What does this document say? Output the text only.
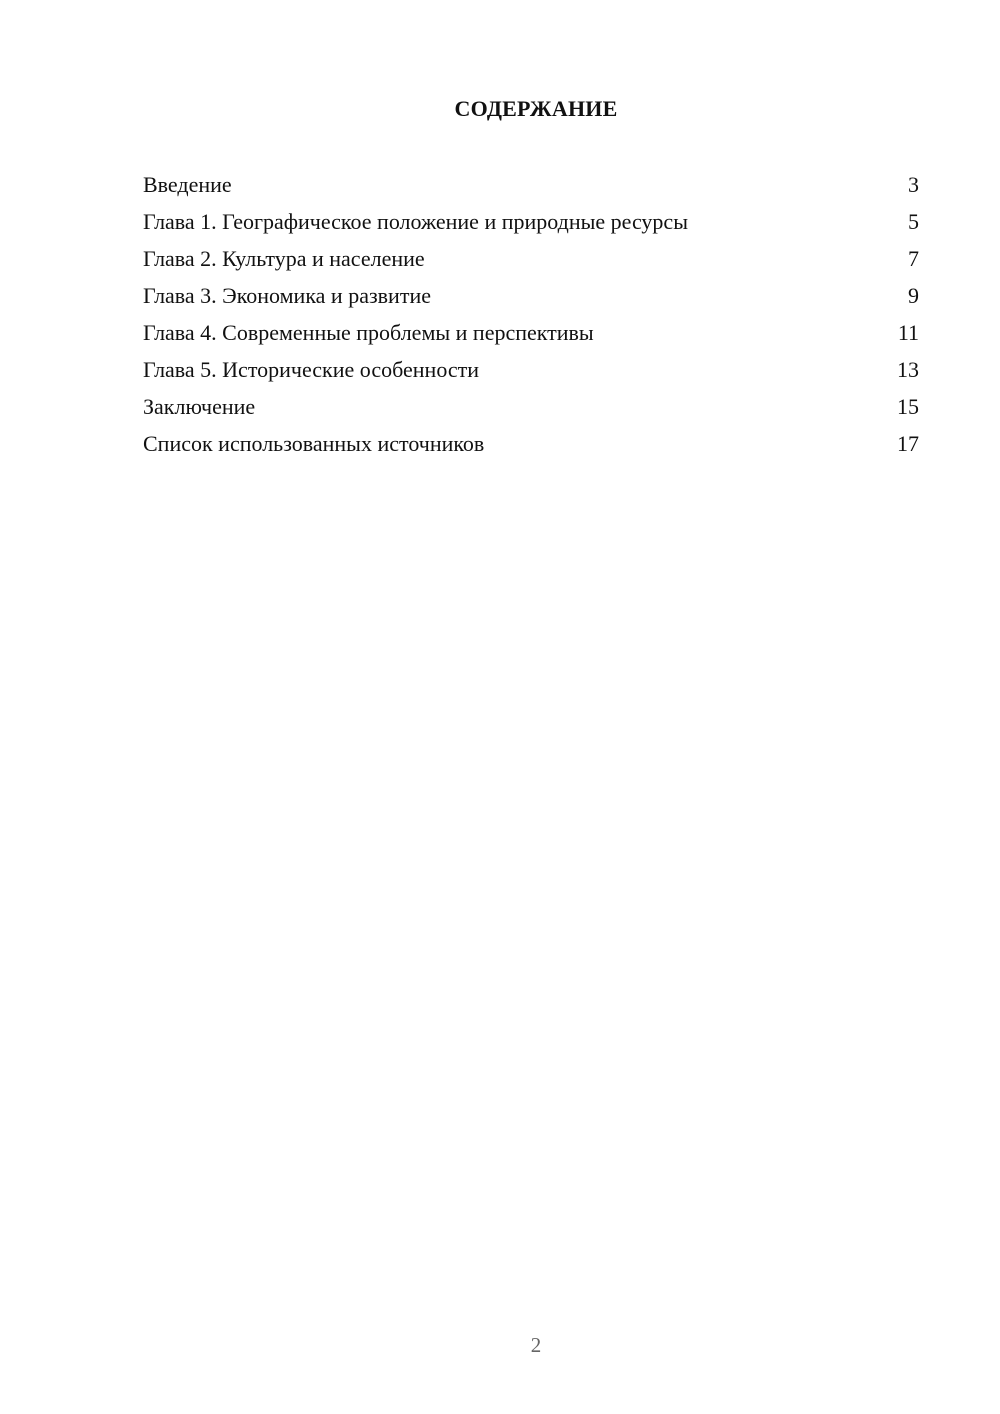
СОДЕРЖАНИЕ
Введение	3
Глава 1. Географическое положение и природные ресурсы	5
Глава 2. Культура и население	7
Глава 3. Экономика и развитие	9
Глава 4. Современные проблемы и перспективы	11
Глава 5. Исторические особенности	13
Заключение	15
Список использованных источников	17
2
